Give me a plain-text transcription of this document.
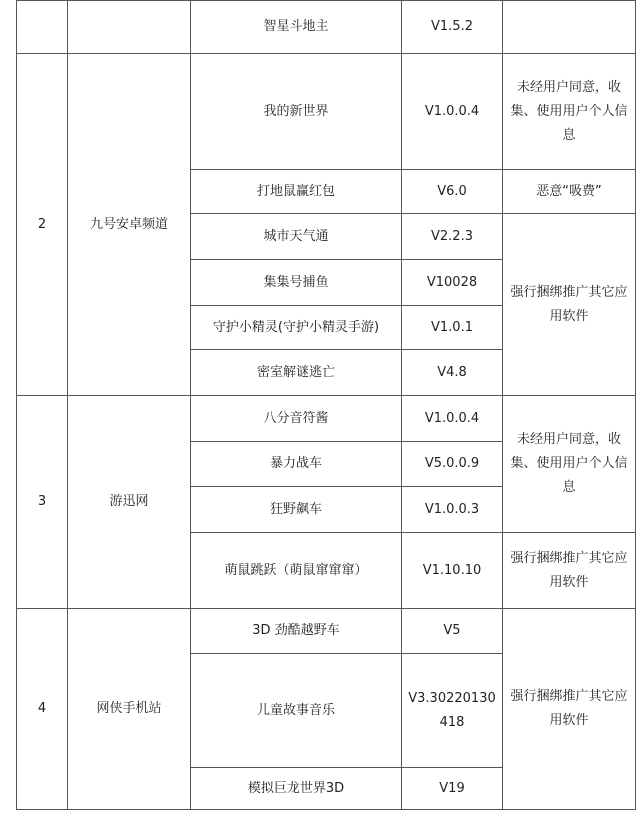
		智星斗地主	V1.5.2	
2	九号安卓频道	我的新世界	V1.0.0.4	未经用户同意，收集、使用用户个人信息
		打地鼠赢红包	V6.0	恶意“吸费”
		城市天气通	V2.2.3	强行捆绑推广其它应用软件
		集集号捕鱼	V10028	
		守护小精灵(守护小精灵手游)	V1.0.1	
		密室解谜逃亡	V4.8	
3	游迅网	八分音符酱	V1.0.0.4	未经用户同意，收集、使用用户个人信息
		暴力战车	V5.0.0.9	
		狂野飙车	V1.0.0.3	
		萌鼠跳跃（萌鼠窜窜窜）	V1.10.10	强行捆绑推广其它应用软件
4	网侠手机站	3D 劲酷越野车	V5	强行捆绑推广其它应用软件
		儿童故事音乐	V3.30220130418	
		模拟巨龙世界3D	V19	
